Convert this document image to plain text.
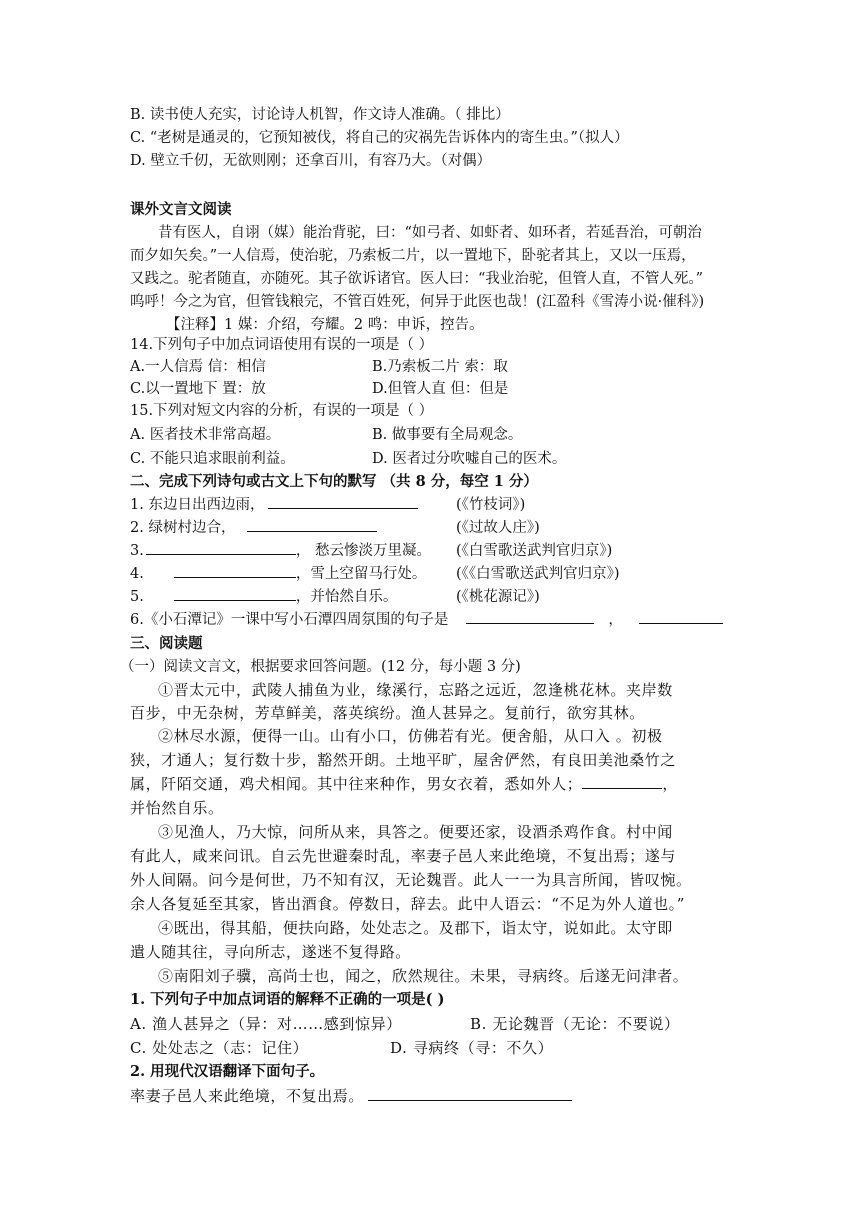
B. 读书使人充实，讨论诗人机智，作文诗人准确。（ 排比）
C. “老树是通灵的，它预知被伐，将自己的灾祸先告诉体内的寄生虫。”（拟人）
D. 壁立千仞，无欲则刚；还拿百川，有容乃大。（对偶）
课外文言文阅读
昔有医人，自诩（媒）能治背驼，曰：“如弓者、如虾者、如环者，若延吾治，可朝治
而夕如矢矣。”一人信焉，使治驼，乃索板二片，以一置地下，卧驼者其上，又以一压焉，
又践之。驼者随直，亦随死。其子欲诉诸官。医人曰：“我业治驼，但管人直，不管人死。”
呜呼！今之为官，但管钱粮完，不管百姓死，何异于此医也哉！(江盈科《雪涛小说·催科》)
【注释】1 媒：介绍，夸耀。2 鸣：申诉，控告。
14.下列句子中加点词语使用有误的一项是（ ）
A.一人信焉 信：相信	B.乃索板二片 索：取
C.以一置地下 置：放	D.但管人直 但：但是
15.下列对短文内容的分析，有误的一项是（ ）
A. 医者技术非常高超。	B. 做事要有全局观念。
C. 不能只追求眼前利益。	D. 医者过分吹嘘自己的医术。
二、完成下列诗句或古文上下句的默写 （共 8 分，每空 1 分）
1. 东边日出西边雨，	(《竹枝词》)
2. 绿树村边合，	(《过故人庄》)
3.	， 愁云惨淡万里凝。 (《白雪歌送武判官归京》)
4.	，雪上空留马行处。 (《《白雪歌送武判官归京》)
5.	，并怡然自乐。	(《桃花源记》)
6.《小石潭记》一课中写小石潭四周氛围的句子是	，
三、阅读题
（一）阅读文言文，根据要求回答问题。(12 分，每小题 3 分)
①晋太元中，武陵人捕鱼为业，缘溪行，忘路之远近，忽逢桃花林。夹岸数
百步，中无杂树，芳草鲜美，落英缤纷。渔人甚异之。复前行，欲穷其林。
②林尽水源，便得一山。山有小口，仿佛若有光。便舍船，从口入 。初极
狭，才通人；复行数十步，豁然开朗。土地平旷，屋舍俨然，有良田美池桑竹之
属，阡陌交通，鸡犬相闻。其中往来种作，男女衣着，悉如外人；	，
并怡然自乐。
③见渔人，乃大惊，问所从来，具答之。便要还家，设酒杀鸡作食。村中闻
有此人，咸来问讯。自云先世避秦时乱，率妻子邑人来此绝境，不复出焉；遂与
外人间隔。问今是何世，乃不知有汉，无论魏晋。此人一一为具言所闻，皆叹惋。
余人各复延至其家，皆出酒食。停数日，辞去。此中人语云：“不足为外人道也。”
④既出，得其船，便扶向路，处处志之。及郡下，诣太守，说如此。太守即
遣人随其往，寻向所志，遂迷不复得路。
⑤南阳刘子骥，高尚士也，闻之，欣然规往。未果，寻病终。后遂无问津者。
1. 下列句子中加点词语的解释不正确的一项是( )
A. 渔人甚异之（异：对……感到惊异）	B. 无论魏晋（无论：不要说）
C. 处处志之（志：记住）	D. 寻病终（寻：不久）
2. 用现代汉语翻译下面句子。
率妻子邑人来此绝境，不复出焉。
